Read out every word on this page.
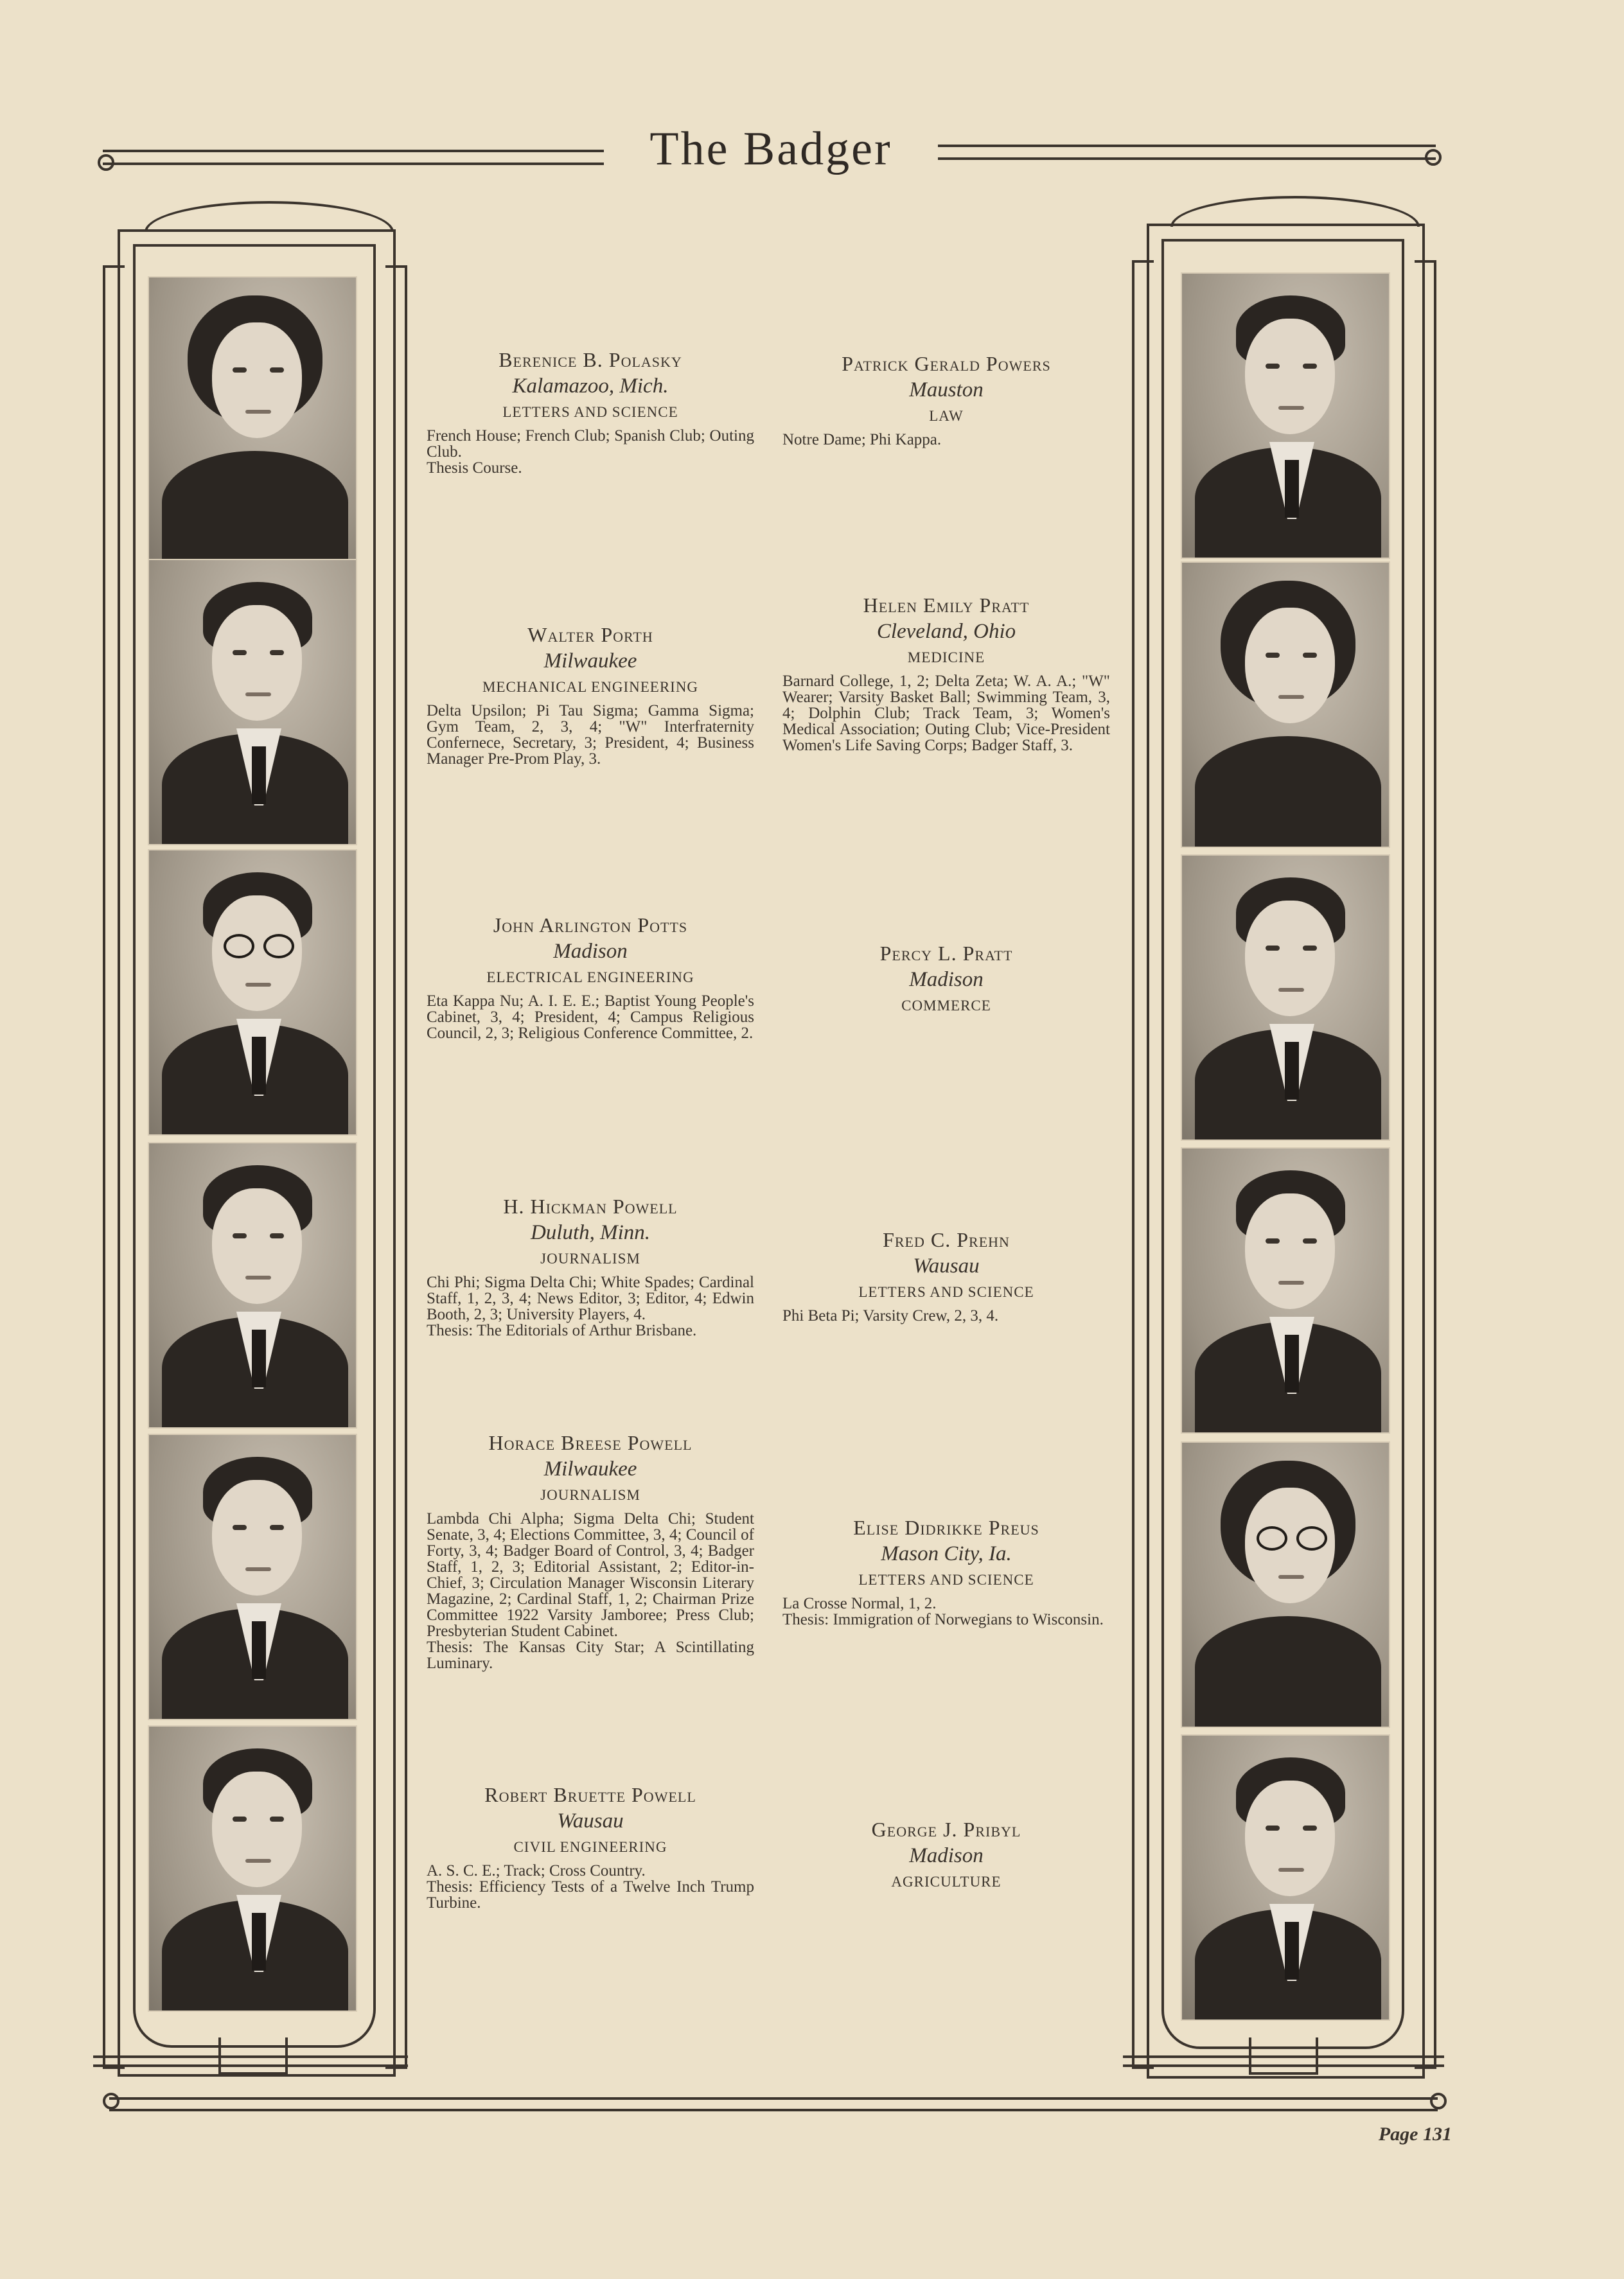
The Badger
Berenice B. Polasky
Kalamazoo, Mich.
LETTERS AND SCIENCE
French House; French Club; Spanish Club; Outing Club.
Thesis Course.
Walter Porth
Milwaukee
MECHANICAL ENGINEERING
Delta Upsilon; Pi Tau Sigma; Gamma Sigma; Gym Team, 2, 3, 4; "W" Interfraternity Confernece, Secretary, 3; President, 4; Business Manager Pre-Prom Play, 3.
John Arlington Potts
Madison
ELECTRICAL ENGINEERING
Eta Kappa Nu; A. I. E. E.; Baptist Young People's Cabinet, 3, 4; President, 4; Campus Religious Council, 2, 3; Religious Conference Committee, 2.
H. Hickman Powell
Duluth, Minn.
JOURNALISM
Chi Phi; Sigma Delta Chi; White Spades; Cardinal Staff, 1, 2, 3, 4; News Editor, 3; Editor, 4; Edwin Booth, 2, 3; University Players, 4.
Thesis: The Editorials of Arthur Brisbane.
Horace Breese Powell
Milwaukee
JOURNALISM
Lambda Chi Alpha; Sigma Delta Chi; Student Senate, 3, 4; Elections Committee, 3, 4; Council of Forty, 3, 4; Badger Board of Control, 3, 4; Badger Staff, 1, 2, 3; Editorial Assistant, 2; Editor-in-Chief, 3; Circulation Manager Wisconsin Literary Magazine, 2; Cardinal Staff, 1, 2; Chairman Prize Committee 1922 Varsity Jamboree; Press Club; Presbyterian Student Cabinet.
Thesis: The Kansas City Star; A Scintillating Luminary.
Robert Bruette Powell
Wausau
CIVIL ENGINEERING
A. S. C. E.; Track; Cross Country.
Thesis: Efficiency Tests of a Twelve Inch Trump Turbine.
Patrick Gerald Powers
Mauston
LAW
Notre Dame; Phi Kappa.
Helen Emily Pratt
Cleveland, Ohio
MEDICINE
Barnard College, 1, 2; Delta Zeta; W. A. A.; "W" Wearer; Varsity Basket Ball; Swimming Team, 3, 4; Dolphin Club; Track Team, 3; Women's Medical Association; Outing Club; Vice-President Women's Life Saving Corps; Badger Staff, 3.
Percy L. Pratt
Madison
COMMERCE
Fred C. Prehn
Wausau
LETTERS AND SCIENCE
Phi Beta Pi; Varsity Crew, 2, 3, 4.
Elise Didrikke Preus
Mason City, Ia.
LETTERS AND SCIENCE
La Crosse Normal, 1, 2.
Thesis: Immigration of Norwegians to Wisconsin.
George J. Pribyl
Madison
AGRICULTURE
Page 131
